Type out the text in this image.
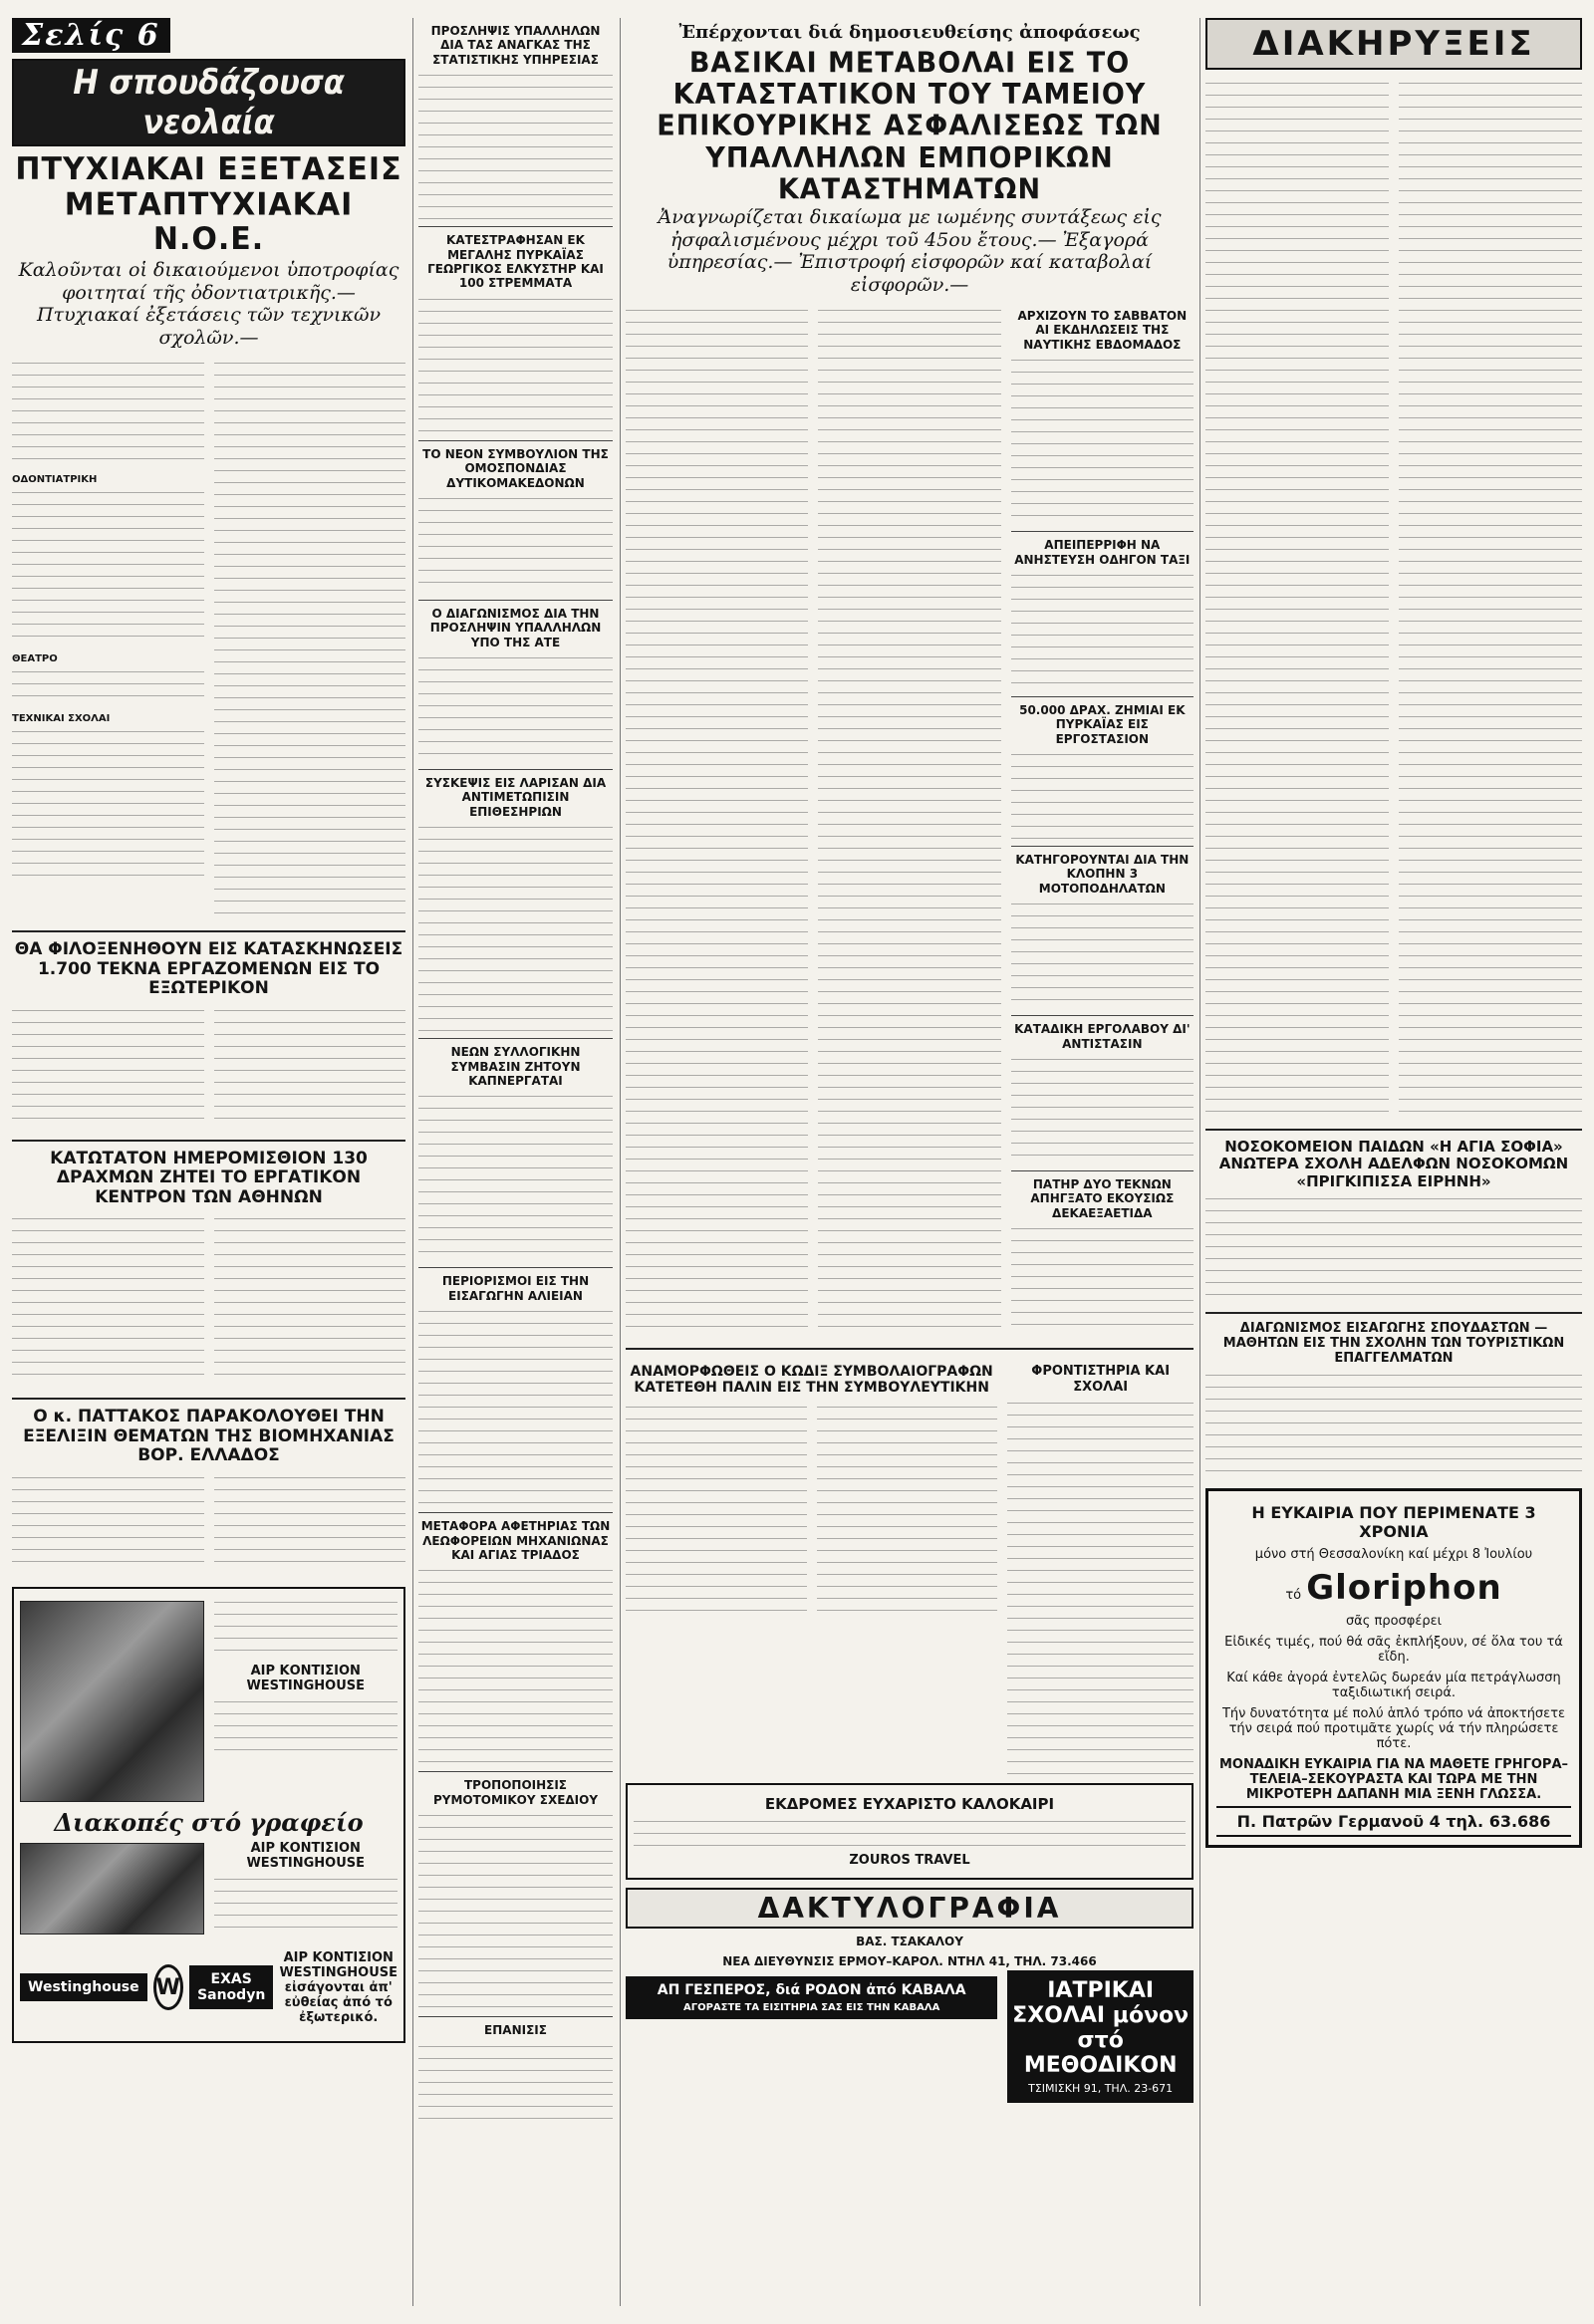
Σελίς 6
Η σπουδάζουσα νεολαία
ΠΤΥΧΙΑΚΑΙ ΕΞΕΤΑΣΕΙΣ ΜΕΤΑΠΤΥΧΙΑΚΑΙ Ν.Ο.Ε.
Καλοῦνται οἱ δικαιούμενοι ὑποτροφίας φοιτηταί τῆς ὀδοντιατρικῆς.— Πτυχιακαί ἐξετάσεις τῶν τεχνικῶν σχολῶν.—
ΟΔΟΝΤΙΑΤΡΙΚΗ
ΘΕΑΤΡΟ
ΤΕΧΝΙΚΑΙ ΣΧΟΛΑΙ
ΘΑ ΦΙΛΟΞΕΝΗΘΟΥΝ ΕΙΣ ΚΑΤΑΣΚΗΝΩΣΕΙΣ 1.700 ΤΕΚΝΑ ΕΡΓΑΖΟΜΕΝΩΝ ΕΙΣ ΤΟ ΕΞΩΤΕΡΙΚΟΝ
ΚΑΤΩΤΑΤΟΝ ΗΜΕΡΟΜΙΣΘΙΟΝ 130 ΔΡΑΧΜΩΝ ΖΗΤΕΙ ΤΟ ΕΡΓΑΤΙΚΟΝ ΚΕΝΤΡΟΝ ΤΩΝ ΑΘΗΝΩΝ
Ο κ. ΠΑΤΤΑΚΟΣ ΠΑΡΑΚΟΛΟΥΘΕΙ ΤΗΝ ΕΞΕΛΙΞΙΝ ΘΕΜΑΤΩΝ ΤΗΣ ΒΙΟΜΗΧΑΝΙΑΣ ΒΟΡ. ΕΛΛΑΔΟΣ
ΑΙΡ ΚΟΝΤΙΣΙΟΝ WESTINGHOUSE
Διακοπές στό γραφείο
ΑΙΡ ΚΟΝΤΙΣΙΟΝ WESTINGHOUSE
Westinghouse W	EXAS Sanodyn
ΑΙΡ ΚΟΝΤΙΣΙΟΝ WESTINGHOUSE εἰσάγονται ἀπ' εὐθείας ἀπό τό ἐξωτερικό.
ΠΡΟΣΛΗΨΙΣ ΥΠΑΛΛΗΛΩΝ ΔΙΑ ΤΑΣ ΑΝΑΓΚΑΣ ΤΗΣ ΣΤΑΤΙΣΤΙΚΗΣ ΥΠΗΡΕΣΙΑΣ
ΚΑΤΕΣΤΡΑΦΗΣΑΝ ΕΚ ΜΕΓΑΛΗΣ ΠΥΡΚΑΪΑΣ ΓΕΩΡΓΙΚΟΣ ΕΛΚΥΣΤΗΡ ΚΑΙ 100 ΣΤΡΕΜΜΑΤΑ
ΤΟ ΝΕΟΝ ΣΥΜΒΟΥΛΙΟΝ ΤΗΣ ΟΜΟΣΠΟΝΔΙΑΣ ΔΥΤΙΚΟΜΑΚΕΔΟΝΩΝ
Ο ΔΙΑΓΩΝΙΣΜΟΣ ΔΙΑ ΤΗΝ ΠΡΟΣΛΗΨΙΝ ΥΠΑΛΛΗΛΩΝ ΥΠΟ ΤΗΣ ΑΤΕ
ΣΥΣΚΕΨΙΣ ΕΙΣ ΛΑΡΙΣΑΝ ΔΙΑ ΑΝΤΙΜΕΤΩΠΙΣΙΝ ΕΠΙΘΕΣΗΡΙΩΝ
ΝΕΩΝ ΣΥΛΛΟΓΙΚΗΝ ΣΥΜΒΑΣΙΝ ΖΗΤΟΥΝ ΚΑΠΝΕΡΓΑΤΑΙ
ΠΕΡΙΟΡΙΣΜΟΙ ΕΙΣ ΤΗΝ ΕΙΣΑΓΩΓΗΝ ΑΛΙΕΙΑΝ
ΜΕΤΑΦΟΡΑ ΑΦΕΤΗΡΙΑΣ ΤΩΝ ΛΕΩΦΟΡΕΙΩΝ ΜΗΧΑΝΙΩΝΑΣ ΚΑΙ ΑΓΙΑΣ ΤΡΙΑΔΟΣ
ΤΡΟΠΟΠΟΙΗΣΙΣ ΡΥΜΟΤΟΜΙΚΟΥ ΣΧΕΔΙΟΥ
ΕΠΑΝΙΣΙΣ
Ἐπέρχονται διά δημοσιευθείσης ἀποφάσεως
ΒΑΣΙΚΑΙ ΜΕΤΑΒΟΛΑΙ ΕΙΣ ΤΟ ΚΑΤΑΣΤΑΤΙΚΟΝ ΤΟΥ ΤΑΜΕΙΟΥ ΕΠΙΚΟΥΡΙΚΗΣ ΑΣΦΑΛΙΣΕΩΣ ΤΩΝ ΥΠΑΛΛΗΛΩΝ ΕΜΠΟΡΙΚΩΝ ΚΑΤΑΣΤΗΜΑΤΩΝ
Ἀναγνωρίζεται δικαίωμα με ιωμένης συντάξεως εἰς ἠσφαλισμένους μέχρι τοῦ 45ου ἔτους.— Ἐξαγορά ὑπηρεσίας.— Ἐπιστροφή εἰσφορῶν καί καταβολαί εἰσφορῶν.—
ΑΡΧΙΖΟΥΝ ΤΟ ΣΑΒΒΑΤΟΝ ΑΙ ΕΚΔΗΛΩΣΕΙΣ ΤΗΣ ΝΑΥΤΙΚΗΣ ΕΒΔΟΜΑΔΟΣ
ΑΠΕΙΠΕΡΡΙΦΗ ΝΑ ΑΝΗΣΤΕΥΣΗ ΟΔΗΓΟΝ ΤΑΞΙ
50.000 ΔΡΑΧ. ΖΗΜΙΑΙ ΕΚ ΠΥΡΚΑΪΑΣ ΕΙΣ ΕΡΓΟΣΤΑΣΙΟΝ
ΚΑΤΗΓΟΡΟΥΝΤΑΙ ΔΙΑ ΤΗΝ ΚΛΟΠΗΝ 3 ΜΟΤΟΠΟΔΗΛΑΤΩΝ
ΚΑΤΑΔΙΚΗ ΕΡΓΟΛΑΒΟΥ ΔΙ' ΑΝΤΙΣΤΑΣΙΝ
ΠΑΤΗΡ ΔΥΟ ΤΕΚΝΩΝ ΑΠΗΓΞΑΤΟ ΕΚΟΥΣΙΩΣ ΔΕΚΑΕΞΑΕΤΙΔΑ
ΑΝΑΜΟΡΦΩΘΕΙΣ Ο ΚΩΔΙΞ ΣΥΜΒΟΛΑΙΟΓΡΑΦΩΝ ΚΑΤΕΤΕΘΗ ΠΑΛΙΝ ΕΙΣ ΤΗΝ ΣΥΜΒΟΥΛΕΥΤΙΚΗΝ
ΦΡΟΝΤΙΣΤΗΡΙΑ ΚΑΙ ΣΧΟΛΑΙ
ΕΚΔΡΟΜΕΣ ΕΥΧΑΡΙΣΤΟ ΚΑΛΟΚΑΙΡΙ
ZOUROS TRAVEL
ΔΑΚΤΥΛΟΓΡΑΦΙΑ
ΒΑΣ. ΤΣΑΚΑΛΟΥ
ΝΕΑ ΔΙΕΥΘΥΝΣΙΣ ΕΡΜΟΥ–ΚΑΡΟΛ. ΝΤΗΛ 41, ΤΗΛ. 73.466
ΑΠ ΓΕΣΠΕΡΟΣ, διά ΡΟΔΟΝ ἀπό ΚΑΒΑΛΑ
ΑΓΟΡΑΣΤΕ ΤΑ ΕΙΣΙΤΗΡΙΑ ΣΑΣ ΕΙΣ ΤΗΝ ΚΑΒΑΛΑ
ΙΑΤΡΙΚΑΙ ΣΧΟΛΑΙ μόνον στό ΜΕΘΟΔΙΚΟΝ
ΤΣΙΜΙΣΚΗ 91, ΤΗΛ. 23-671
ΔΙΑΚΗΡΥΞΕΙΣ
ΝΟΣΟΚΟΜΕΙΟΝ ΠΑΙΔΩΝ «Η ΑΓΙΑ ΣΟΦΙΑ» ΑΝΩΤΕΡΑ ΣΧΟΛΗ ΑΔΕΛΦΩΝ ΝΟΣΟΚΟΜΩΝ «ΠΡΙΓΚΙΠΙΣΣΑ ΕΙΡΗΝΗ»
ΔΙΑΓΩΝΙΣΜΟΣ ΕΙΣΑΓΩΓΗΣ ΣΠΟΥΔΑΣΤΩΝ — ΜΑΘΗΤΩΝ ΕΙΣ ΤΗΝ ΣΧΟΛΗΝ ΤΩΝ ΤΟΥΡΙΣΤΙΚΩΝ ΕΠΑΓΓΕΛΜΑΤΩΝ
Η ΕΥΚΑΙΡΙΑ ΠΟΥ ΠΕΡΙΜΕΝΑΤΕ 3 ΧΡΟΝΙΑ
μόνο στή Θεσσαλονίκη καί μέχρι 8 Ἰουλίου
τό Gloriphon
σᾶς προσφέρει
Εἰδικές τιμές, πού θά σᾶς ἐκπλήξουν, σέ ὅλα του τά εἴδη.
Καί κάθε ἀγορά ἐντελῶς δωρεάν μία πετράγλωσση ταξιδιωτική σειρά.
Τήν δυνατότητα μέ πολύ ἁπλό τρόπο νά ἀποκτήσετε τήν σειρά πού προτιμᾶτε χωρίς νά τήν πληρώσετε πότε.
ΜΟΝΑΔΙΚΗ ΕΥΚΑΙΡΙΑ ΓΙΑ ΝΑ ΜΑΘΕΤΕ ΓΡΗΓΟΡΑ–ΤΕΛΕΙΑ–ΣΕΚΟΥΡΑΣΤΑ ΚΑΙ ΤΩΡΑ ΜΕ ΤΗΝ ΜΙΚΡΟΤΕΡΗ ΔΑΠΑΝΗ ΜΙΑ ΞΕΝΗ ΓΛΩΣΣΑ.
Π. Πατρῶν Γερμανοῦ 4 τηλ. 63.686
